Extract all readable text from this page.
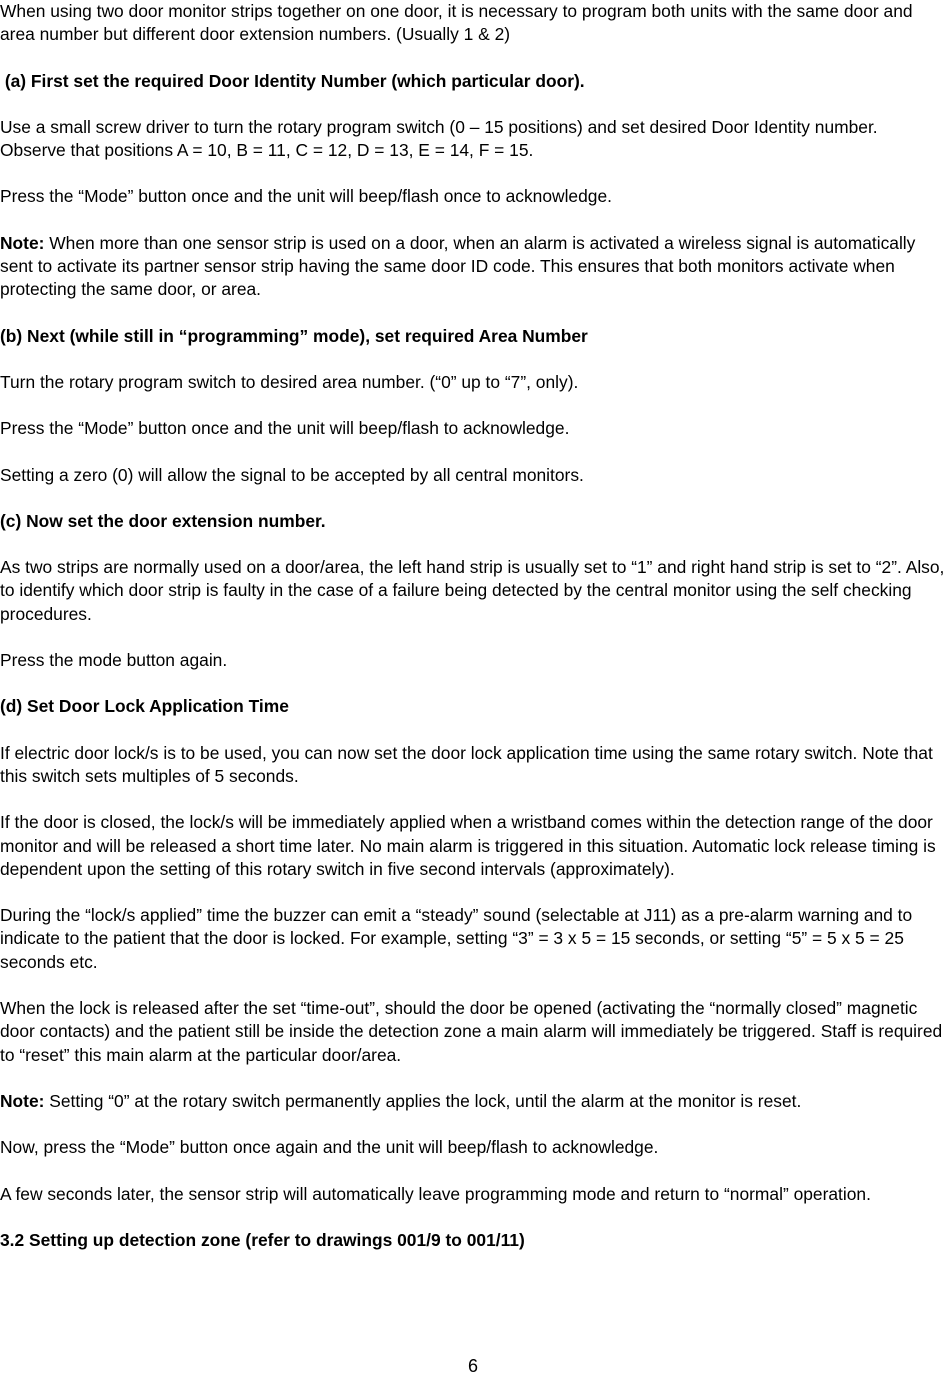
When using two door monitor strips together on one door, it is necessary to program both units with the same door and area number but different door extension numbers. (Usually 1 & 2)

(a) First set the required Door Identity Number (which particular door).

Use a small screw driver to turn the rotary program switch (0 – 15 positions) and set desired Door Identity number. Observe that positions A = 10, B = 11, C = 12, D = 13, E = 14, F = 15.

Press the “Mode” button once and the unit will beep/flash once to acknowledge.

Note: When more than one sensor strip is used on a door, when an alarm is activated a wireless signal is automatically sent to activate its partner sensor strip having the same door ID code. This ensures that both monitors activate when protecting the same door, or area.

(b) Next (while still in “programming” mode), set required Area Number

Turn the rotary program switch to desired area number. (“0” up to “7”, only).

Press the “Mode” button once and the unit will beep/flash to acknowledge.

Setting a zero (0) will allow the signal to be accepted by all central monitors.

(c) Now set the door extension number.

As two strips are normally used on a door/area, the left hand strip is usually set to “1” and right hand strip is set to “2”. Also, to identify which door strip is faulty in the case of a failure being detected by the central monitor using the self checking procedures.

Press the mode button again.

(d) Set Door Lock Application Time

If electric door lock/s is to be used, you can now set the door lock application time using the same rotary switch. Note that this switch sets multiples of 5 seconds.

If the door is closed, the lock/s will be immediately applied when a wristband comes within the detection range of the door monitor and will be released a short time later. No main alarm is triggered in this situation. Automatic lock release timing is dependent upon the setting of this rotary switch in five second intervals (approximately).

During the “lock/s applied” time the buzzer can emit a “steady” sound (selectable at J11) as a pre-alarm warning and to indicate to the patient that the door is locked. For example, setting “3” = 3 x 5 = 15 seconds, or setting “5” = 5 x 5 = 25 seconds etc.

When the lock is released after the set “time-out”, should the door be opened (activating the “normally closed” magnetic door contacts) and the patient still be inside the detection zone a main alarm will immediately be triggered. Staff is required to “reset” this main alarm at the particular door/area.

Note: Setting “0” at the rotary switch permanently applies the lock, until the alarm at the monitor is reset.

Now, press the “Mode” button once again and the unit will beep/flash to acknowledge.

A few seconds later, the sensor strip will automatically leave programming mode and return to “normal” operation.

3.2 Setting up detection zone (refer to drawings 001/9 to 001/11)

6
